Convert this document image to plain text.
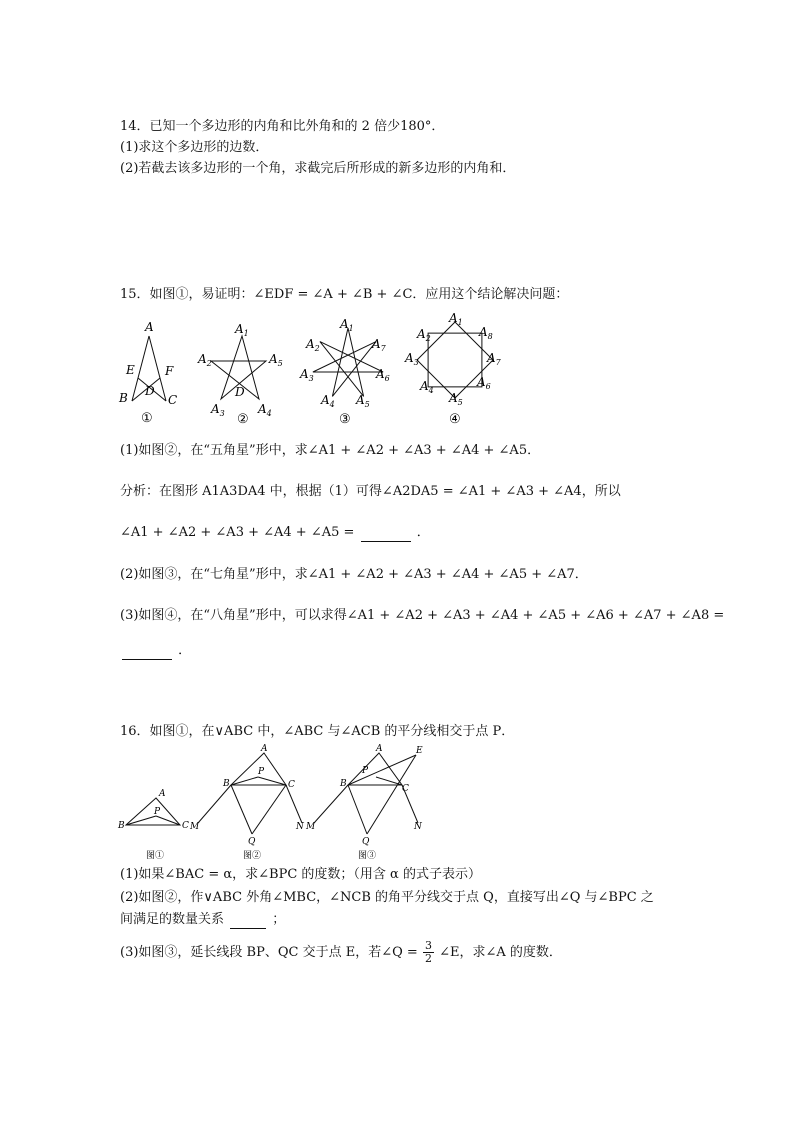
14．已知一个多边形的内角和比外角和的 2 倍少180°．
(1)求这个多边形的边数．
(2)若截去该多边形的一个角，求截完后所形成的新多边形的内角和．
15．如图①，易证明：∠EDF = ∠A + ∠B + ∠C．应用这个结论解决问题：
A
E	F
D
B	C
①
$A_1$
$A_2$	$A_5$
D
$A_3$	$A_4$
②
$A_1$
$A_2$	$A_7$
$A_3$	$A_6$
$A_4$ $A_5$
③
$A_1$
$A_2$	$A_8$
$A_3$	$A_7$
$A_4$
$A_6$
$A_5$
④
(1)如图②，在“五角星”形中，求∠A1 + ∠A2 + ∠A3 + ∠A4 + ∠A5．
分析：在图形 A1A3DA4 中，根据（1）可得∠A2DA5 = ∠A1 + ∠A3 + ∠A4，所以
∠A1 + ∠A2 + ∠A3 + ∠A4 + ∠A5 =	．
(2)如图③，在“七角星”形中，求∠A1 + ∠A2 + ∠A3 + ∠A4 + ∠A5 + ∠A7．
(3)如图④，在“八角星”形中，可以求得∠A1 + ∠A2 + ∠A3 + ∠A4 + ∠A5 + ∠A6 + ∠A7 + ∠A8 =
．
16．如图①，在∨ABC 中，∠ABC 与∠ACB 的平分线相交于点 P．
A
P
B	C
图①
A
P
B	C
M	N
Q
图②
A	E
P
B	C
M	N
Q
图③
(1)如果∠BAC = α，求∠BPC 的度数；（用含 α 的式子表示）
(2)如图②，作∨ABC 外角∠MBC，∠NCB 的角平分线交于点 Q，直接写出∠Q 与∠BPC 之
间满足的数量关系	；
(3)如图③，延长线段 BP、QC 交于点 E，若∠Q = $\frac{3}{2}$ ∠E，求∠A 的度数．
